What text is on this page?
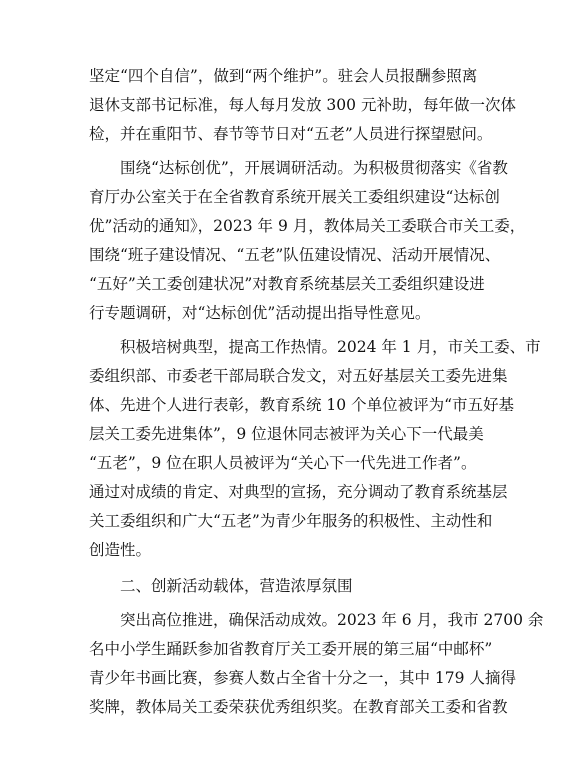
坚定“四个自信”，做到“两个维护”。驻会人员报酬参照离
退休支部书记标准，每人每月发放 300 元补助，每年做一次体
检，并在重阳节、春节等节日对“五老”人员进行探望慰问。

围绕“达标创优”，开展调研活动。为积极贯彻落实《省教
育厅办公室关于在全省教育系统开展关工委组织建设“达标创
优”活动的通知》，2023 年 9 月，教体局关工委联合市关工委，
围绕“班子建设情况、“五老”队伍建设情况、活动开展情况、
“五好”关工委创建状况”对教育系统基层关工委组织建设进
行专题调研，对“达标创优”活动提出指导性意见。

积极培树典型，提高工作热情。2024 年 1 月，市关工委、市
委组织部、市委老干部局联合发文，对五好基层关工委先进集
体、先进个人进行表彰，教育系统 10 个单位被评为“市五好基
层关工委先进集体”，9 位退休同志被评为关心下一代最美
“五老”，9 位在职人员被评为“关心下一代先进工作者”。
通过对成绩的肯定、对典型的宣扬，充分调动了教育系统基层
关工委组织和广大“五老”为青少年服务的积极性、主动性和
创造性。

二、创新活动载体，营造浓厚氛围

突出高位推进，确保活动成效。2023 年 6 月，我市 2700 余
名中小学生踊跃参加省教育厅关工委开展的第三届“中邮杯”
青少年书画比赛，参赛人数占全省十分之一，其中 179 人摘得
奖牌，教体局关工委荣获优秀组织奖。在教育部关工委和省教
